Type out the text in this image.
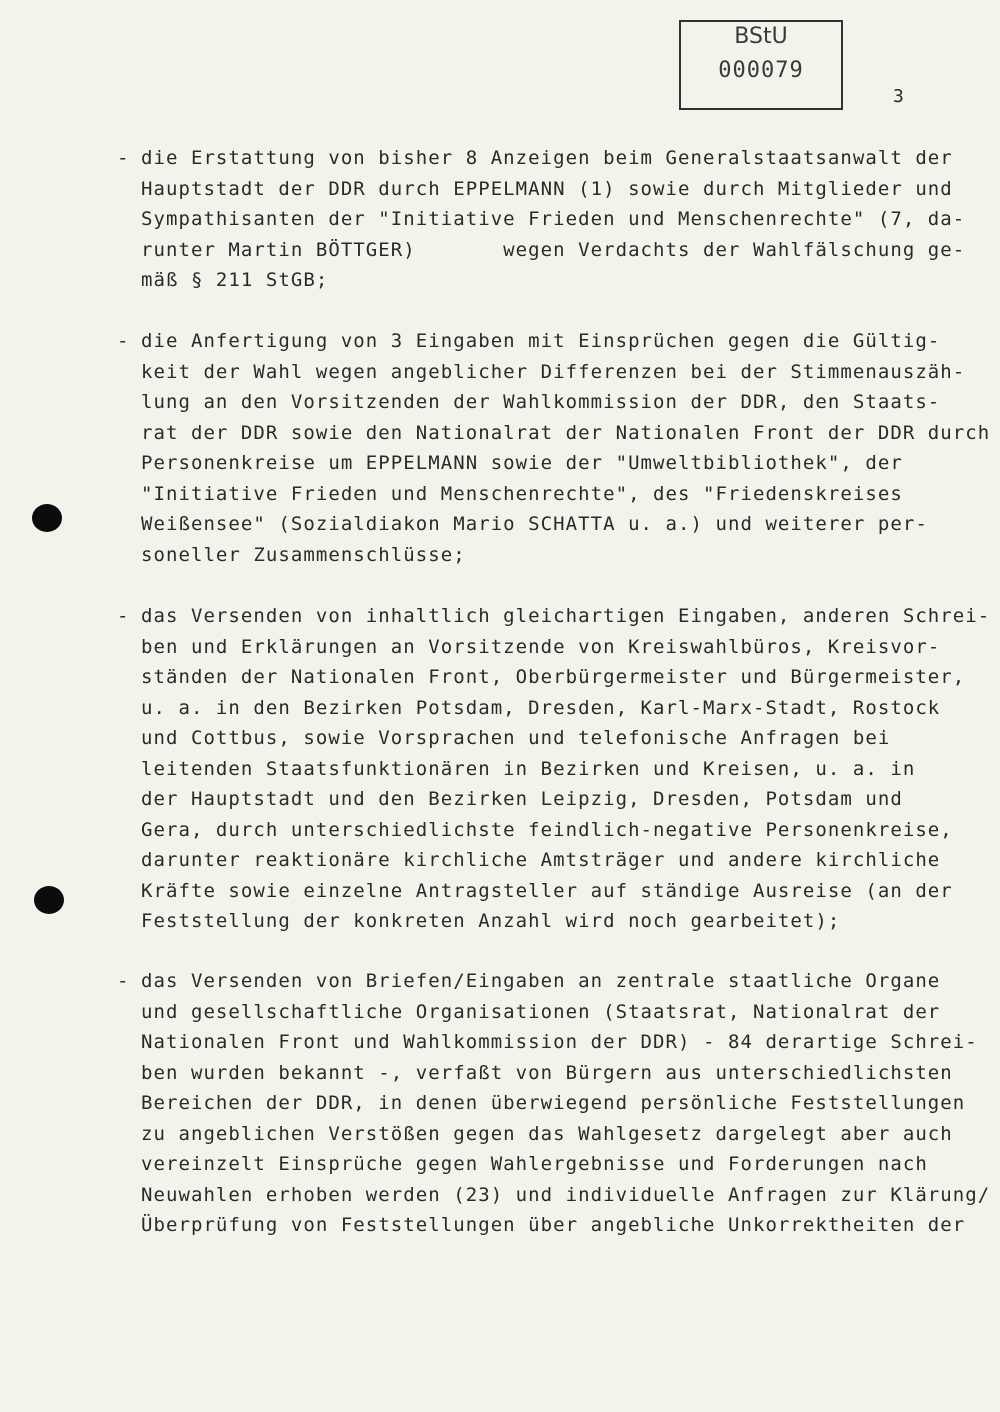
BStU
000079
3
- die Erstattung von bisher 8 Anzeigen beim Generalstaatsanwalt der
Hauptstadt der DDR durch EPPELMANN (1) sowie durch Mitglieder und
Sympathisanten der "Initiative Frieden und Menschenrechte" (7, da-
runter Martin BÖTTGER)       wegen Verdachts der Wahlfälschung ge-
mäß § 211 StGB;
- die Anfertigung von 3 Eingaben mit Einsprüchen gegen die Gültig-
keit der Wahl wegen angeblicher Differenzen bei der Stimmenauszäh-
lung an den Vorsitzenden der Wahlkommission der DDR, den Staats-
rat der DDR sowie den Nationalrat der Nationalen Front der DDR durch
Personenkreise um EPPELMANN sowie der "Umweltbibliothek", der
"Initiative Frieden und Menschenrechte", des "Friedenskreises
Weißensee" (Sozialdiakon Mario SCHATTA u. a.) und weiterer per-
soneller Zusammenschlüsse;
- das Versenden von inhaltlich gleichartigen Eingaben, anderen Schrei-
ben und Erklärungen an Vorsitzende von Kreiswahlbüros, Kreisvor-
ständen der Nationalen Front, Oberbürgermeister und Bürgermeister,
u. a. in den Bezirken Potsdam, Dresden, Karl-Marx-Stadt, Rostock
und Cottbus, sowie Vorsprachen und telefonische Anfragen bei
leitenden Staatsfunktionären in Bezirken und Kreisen, u. a. in
der Hauptstadt und den Bezirken Leipzig, Dresden, Potsdam und
Gera, durch unterschiedlichste feindlich-negative Personenkreise,
darunter reaktionäre kirchliche Amtsträger und andere kirchliche
Kräfte sowie einzelne Antragsteller auf ständige Ausreise (an der
Feststellung der konkreten Anzahl wird noch gearbeitet);
- das Versenden von Briefen/Eingaben an zentrale staatliche Organe
und gesellschaftliche Organisationen (Staatsrat, Nationalrat der
Nationalen Front und Wahlkommission der DDR) - 84 derartige Schrei-
ben wurden bekannt -, verfaßt von Bürgern aus unterschiedlichsten
Bereichen der DDR, in denen überwiegend persönliche Feststellungen
zu angeblichen Verstößen gegen das Wahlgesetz dargelegt aber auch
vereinzelt Einsprüche gegen Wahlergebnisse und Forderungen nach
Neuwahlen erhoben werden (23) und individuelle Anfragen zur Klärung/
Überprüfung von Feststellungen über angebliche Unkorrektheiten der
